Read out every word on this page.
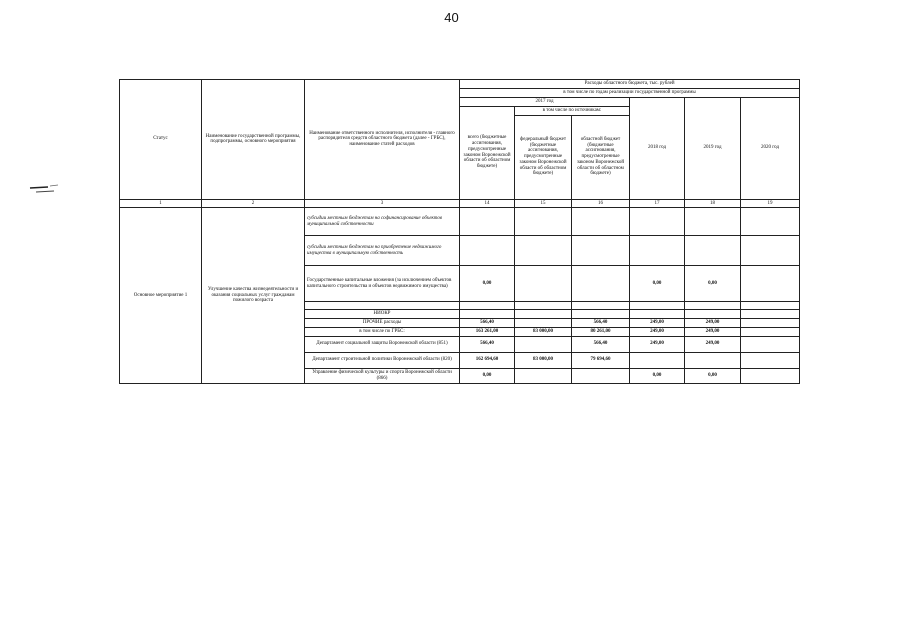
40
Статус	Наименование государственной программы, подпрограммы, основного мероприятия	Наименование ответственного исполнителя, исполнителя - главного распорядителя средств областного бюджета (далее - ГРБС), наименование статей расходов	Расходы областного бюджета, тыс. рублей					
			в том числе по годам реализации государственной программы					
			2017 год			2018 год	2019 год	2020 год
			всего (бюджетные ассигнования, предусмотренные законом Воронежской области об областном бюджете)	в том числе по источникам:				
				федеральный бюджет (бюджетные ассигнования, предусмотренные законом Воронежской области об областном бюджете)	областной бюджет (бюджетные ассигнования, предусмотренные законом Воронежской области об областном бюджете)			
1	2	3	14	15	16	17	18	19
Основное мероприятие 1	Улучшение качества жизнедеятельности и оказания социальных услуг гражданам пожилого возраста	субсидии местным бюджетам на софинансирование объектов муниципальной собственности						
		субсидии местным бюджетам на приобретение недвижимого имущества в муниципальную собственность						
		Государственные капитальные вложения (за исключением объектов капитального строительства и объектов недвижимого имущества)	0,00			0,00	0,00	

		НИОКР						
		ПРОЧИЕ расходы	566,40		566,40	249,00	249,00	
		в том числе по ГРБС:	163 261,00	83 000,00	80 261,00	249,00	249,00	
		Департамент социальной защиты Воронежской области (851)	566,40		566,40	249,00	249,00	
		Департамент строительной политики Воронежской области (820)	162 694,60	83 000,00	79 694,60			
		Управление физической культуры и спорта Воронежской области (866)	0,00			0,00	0,00	
